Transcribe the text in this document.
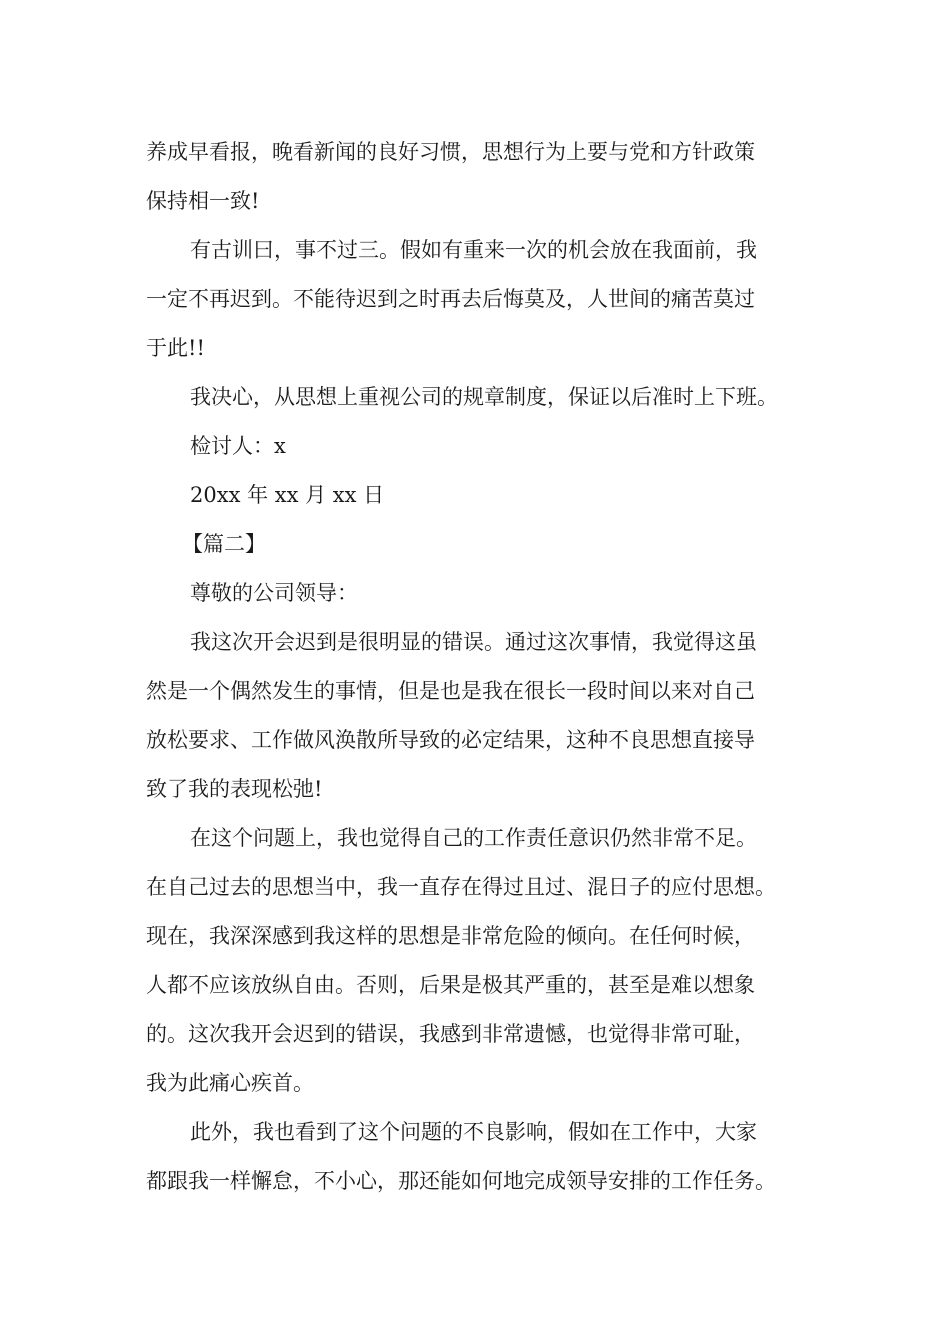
养成早看报，晚看新闻的良好习惯，思想行为上要与党和方针政策
保持相一致!
有古训曰，事不过三。假如有重来一次的机会放在我面前，我
一定不再迟到。不能待迟到之时再去后悔莫及，人世间的痛苦莫过
于此!!
我决心，从思想上重视公司的规章制度，保证以后准时上下班。
检讨人：x
20xx 年 xx 月 xx 日
【篇二】
尊敬的公司领导：
我这次开会迟到是很明显的错误。通过这次事情，我觉得这虽
然是一个偶然发生的事情，但是也是我在很长一段时间以来对自己
放松要求、工作做风涣散所导致的必定结果，这种不良思想直接导
致了我的表现松弛!
在这个问题上，我也觉得自己的工作责任意识仍然非常不足。
在自己过去的思想当中，我一直存在得过且过、混日子的应付思想。
现在，我深深感到我这样的思想是非常危险的倾向。在任何时候，
人都不应该放纵自由。否则，后果是极其严重的，甚至是难以想象
的。这次我开会迟到的错误，我感到非常遗憾，也觉得非常可耻，
我为此痛心疾首。
此外，我也看到了这个问题的不良影响，假如在工作中，大家
都跟我一样懈怠，不小心，那还能如何地完成领导安排的工作任务。
